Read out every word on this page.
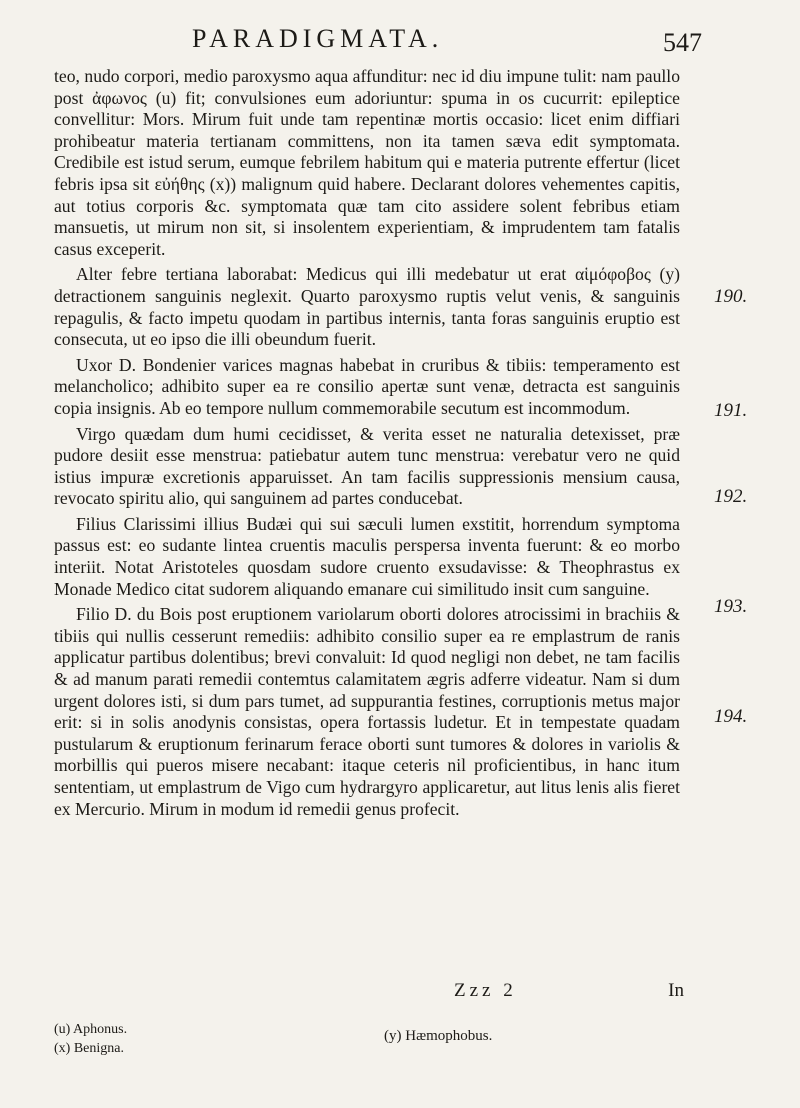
PARADIGMATA.	547

teo, nudo corpori, medio paroxysmo aqua affunditur: nec id diu impune tulit: nam paullo post ἀφωνος (u) fit; convulsiones eum adoriuntur: spuma in os cucurrit: epileptice convellitur: Mors. Mirum fuit unde tam repentinæ mortis occasio: licet enim diffiari prohibeatur materia tertianam committens, non ita tamen sæva edit symptomata. Credibile est istud serum, eumque febrilem habitum qui e materia putrente effertur (licet febris ipsa sit εὐήθης (x)) malignum quid habere. Declarant dolores vehementes capitis, aut totius corporis &c. symptomata quæ tam cito assidere solent febribus etiam mansuetis, ut mirum non sit, si insolentem experientiam, & imprudentem tam fatalis casus exceperit.

Alter febre tertiana laborabat: Medicus qui illi medebatur ut erat αἱμόφοβος (y) detractionem sanguinis neglexit. Quarto paroxysmo ruptis velut venis, & sanguinis repagulis, & facto impetu quodam in partibus internis, tanta foras sanguinis eruptio est consecuta, ut eo ipso die illi obeundum fuerit.

Uxor D. Bondenier varices magnas habebat in cruribus & tibiis: temperamento est melancholico; adhibito super ea re consilio apertæ sunt venæ, detracta est sanguinis copia insignis. Ab eo tempore nullum commemorabile secutum est incommodum.

Virgo quædam dum humi cecidisset, & verita esset ne naturalia detexisset, præ pudore desiit esse menstrua: patiebatur autem tunc menstrua: verebatur vero ne quid istius impuræ excretionis apparuisset. An tam facilis suppressionis mensium causa, revocato spiritu alio, qui sanguinem ad partes conducebat.

Filius Clarissimi illius Budæi qui sui sæculi lumen exstitit, horrendum symptoma passus est: eo sudante lintea cruentis maculis perspersa inventa fuerunt: & eo morbo interiit. Notat Aristoteles quosdam sudore cruento exsudavisse: & Theophrastus ex Monade Medico citat sudorem aliquando emanare cui similitudo insit cum sanguine.

Filio D. du Bois post eruptionem variolarum oborti dolores atrocissimi in brachiis & tibiis qui nullis cesserunt remediis: adhibito consilio super ea re emplastrum de ranis applicatur partibus dolentibus; brevi convaluit: Id quod negligi non debet, ne tam facilis & ad manum parati remedii contemtus calamitatem ægris adferre videatur. Nam si dum urgent dolores isti, si dum pars tumet, ad suppurantia festines, corruptionis metus major erit: si in solis anodynis consistas, opera fortassis ludetur. Et in tempestate quadam pustularum & eruptionum ferinarum ferace oborti sunt tumores & dolores in variolis & morbillis qui pueros misere necabant: itaque ceteris nil proficientibus, in hanc itum sententiam, ut emplastrum de Vigo cum hydrargyro applicaretur, aut litus lenis alis fieret ex Mercurio. Mirum in modum id remedii genus profecit.

190.
191.
192.
193.
194.
Zzz 2	In
(u) Aphonus.
(x) Benigna.
(y) Hæmophobus.
